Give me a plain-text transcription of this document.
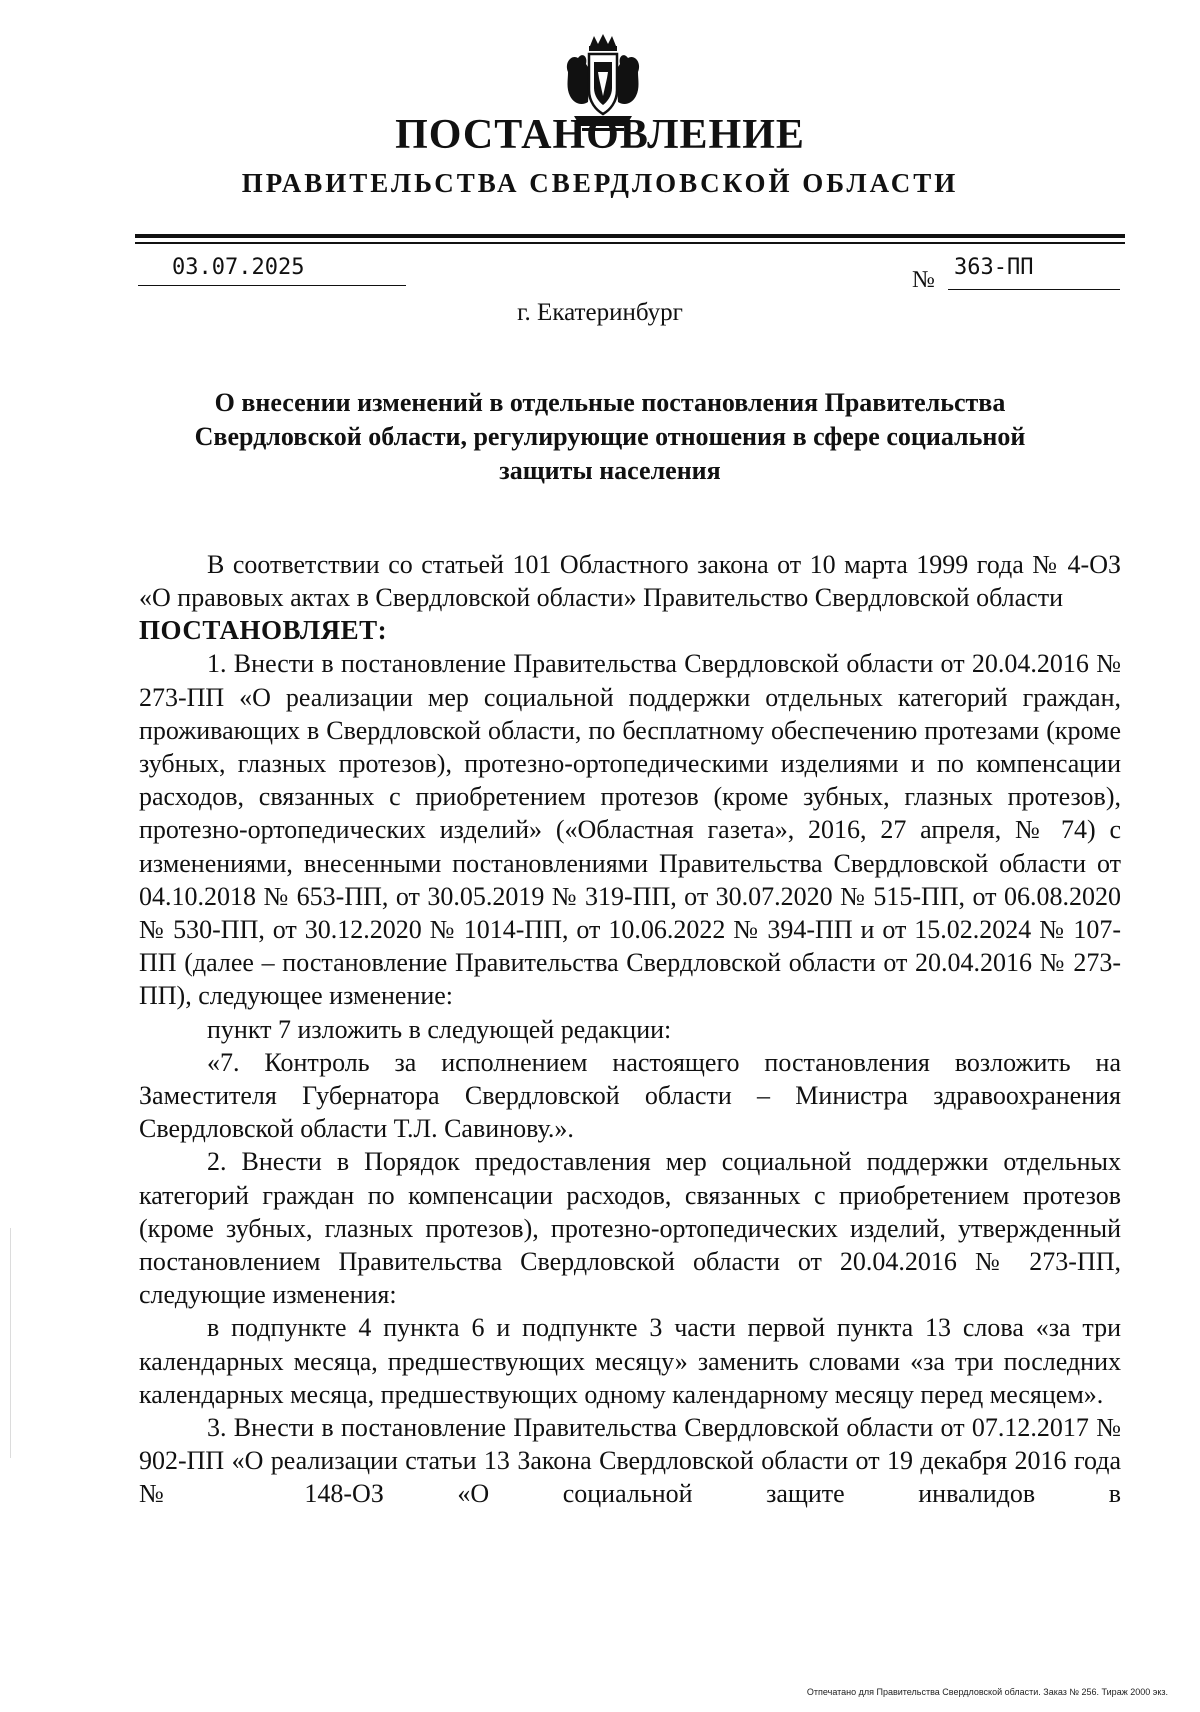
ПОСТАНОВЛЕНИЕ
ПРАВИТЕЛЬСТВА СВЕРДЛОВСКОЙ ОБЛАСТИ
03.07.2025	№ 363-ПП
г. Екатеринбург
О внесении изменений в отдельные постановления Правительства Свердловской области, регулирующие отношения в сфере социальной защиты населения

В соответствии со статьей 101 Областного закона от 10 марта 1999 года № 4-ОЗ «О правовых актах в Свердловской области» Правительство Свердловской области

ПОСТАНОВЛЯЕТ:

1. Внести в постановление Правительства Свердловской области от 20.04.2016 № 273-ПП «О реализации мер социальной поддержки отдельных категорий граждан, проживающих в Свердловской области, по бесплатному обеспечению протезами (кроме зубных, глазных протезов), протезно-ортопедическими изделиями и по компенсации расходов, связанных с приобретением протезов (кроме зубных, глазных протезов), протезно-ортопедических изделий» («Областная газета», 2016, 27 апреля, № 74) с изменениями, внесенными постановлениями Правительства Свердловской области от 04.10.2018 № 653-ПП, от 30.05.2019 № 319-ПП, от 30.07.2020 № 515-ПП, от 06.08.2020 № 530-ПП, от 30.12.2020 № 1014-ПП, от 10.06.2022 № 394-ПП и от 15.02.2024 № 107-ПП (далее – постановление Правительства Свердловской области от 20.04.2016 № 273-ПП), следующее изменение:

пункт 7 изложить в следующей редакции:

«7. Контроль за исполнением настоящего постановления возложить на Заместителя Губернатора Свердловской области – Министра здравоохранения Свердловской области Т.Л. Савинову.».

2. Внести в Порядок предоставления мер социальной поддержки отдельных категорий граждан по компенсации расходов, связанных с приобретением протезов (кроме зубных, глазных протезов), протезно-ортопедических изделий, утвержденный постановлением Правительства Свердловской области от 20.04.2016 № 273-ПП, следующие изменения:

в подпункте 4 пункта 6 и подпункте 3 части первой пункта 13 слова «за три календарных месяца, предшествующих месяцу» заменить словами «за три последних календарных месяца, предшествующих одному календарному месяцу перед месяцем».

3. Внести в постановление Правительства Свердловской области от 07.12.2017 № 902-ПП «О реализации статьи 13 Закона Свердловской области от 19 декабря 2016 года № 148-ОЗ «О социальной защите инвалидов в

Отпечатано для Правительства Свердловской области. Заказ № 256. Тираж 2000 экз.
